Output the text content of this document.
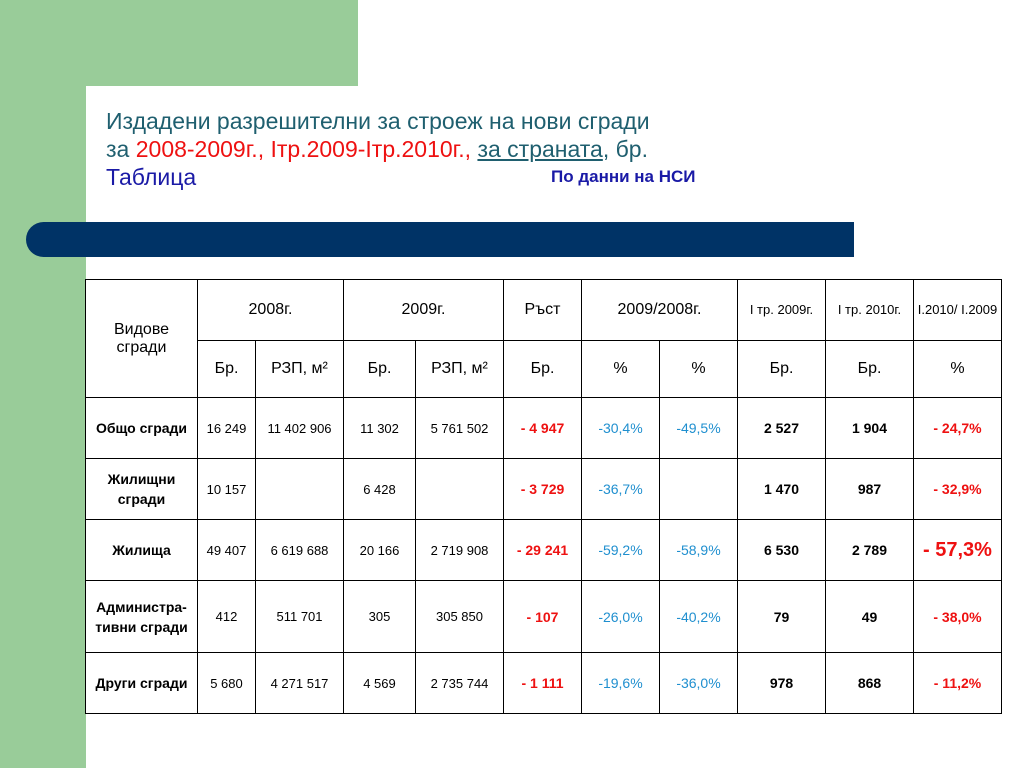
Издадени разрешителни за строеж на нови сгради
за 2008-2009г., Iтр.2009-Iтр.2010г., за страната, бр.
Таблица	По данни на НСИ
Видове сгради	2008г.		2009г.		Ръст	2009/2008г.		I тр. 2009г.	I тр. 2010г.	I.2010/ I.2009
	Бр.	РЗП, м²	Бр.	РЗП, м²	Бр.	%	%	Бр.	Бр.	%
Общо сгради	16 249	11 402 906	11 302	5 761 502	- 4 947	-30,4%	-49,5%	2 527	1 904	- 24,7%
Жилищни сгради	10 157		6 428		- 3 729	-36,7%		1 470	987	- 32,9%
Жилища	49 407	6 619 688	20 166	2 719 908	- 29 241	-59,2%	-58,9%	6 530	2 789	- 57,3%
Администра-тивни сгради	412	511 701	305	305 850	- 107	-26,0%	-40,2%	79	49	- 38,0%
Други сгради	5 680	4 271 517	4 569	2 735 744	- 1 111	-19,6%	-36,0%	978	868	- 11,2%
